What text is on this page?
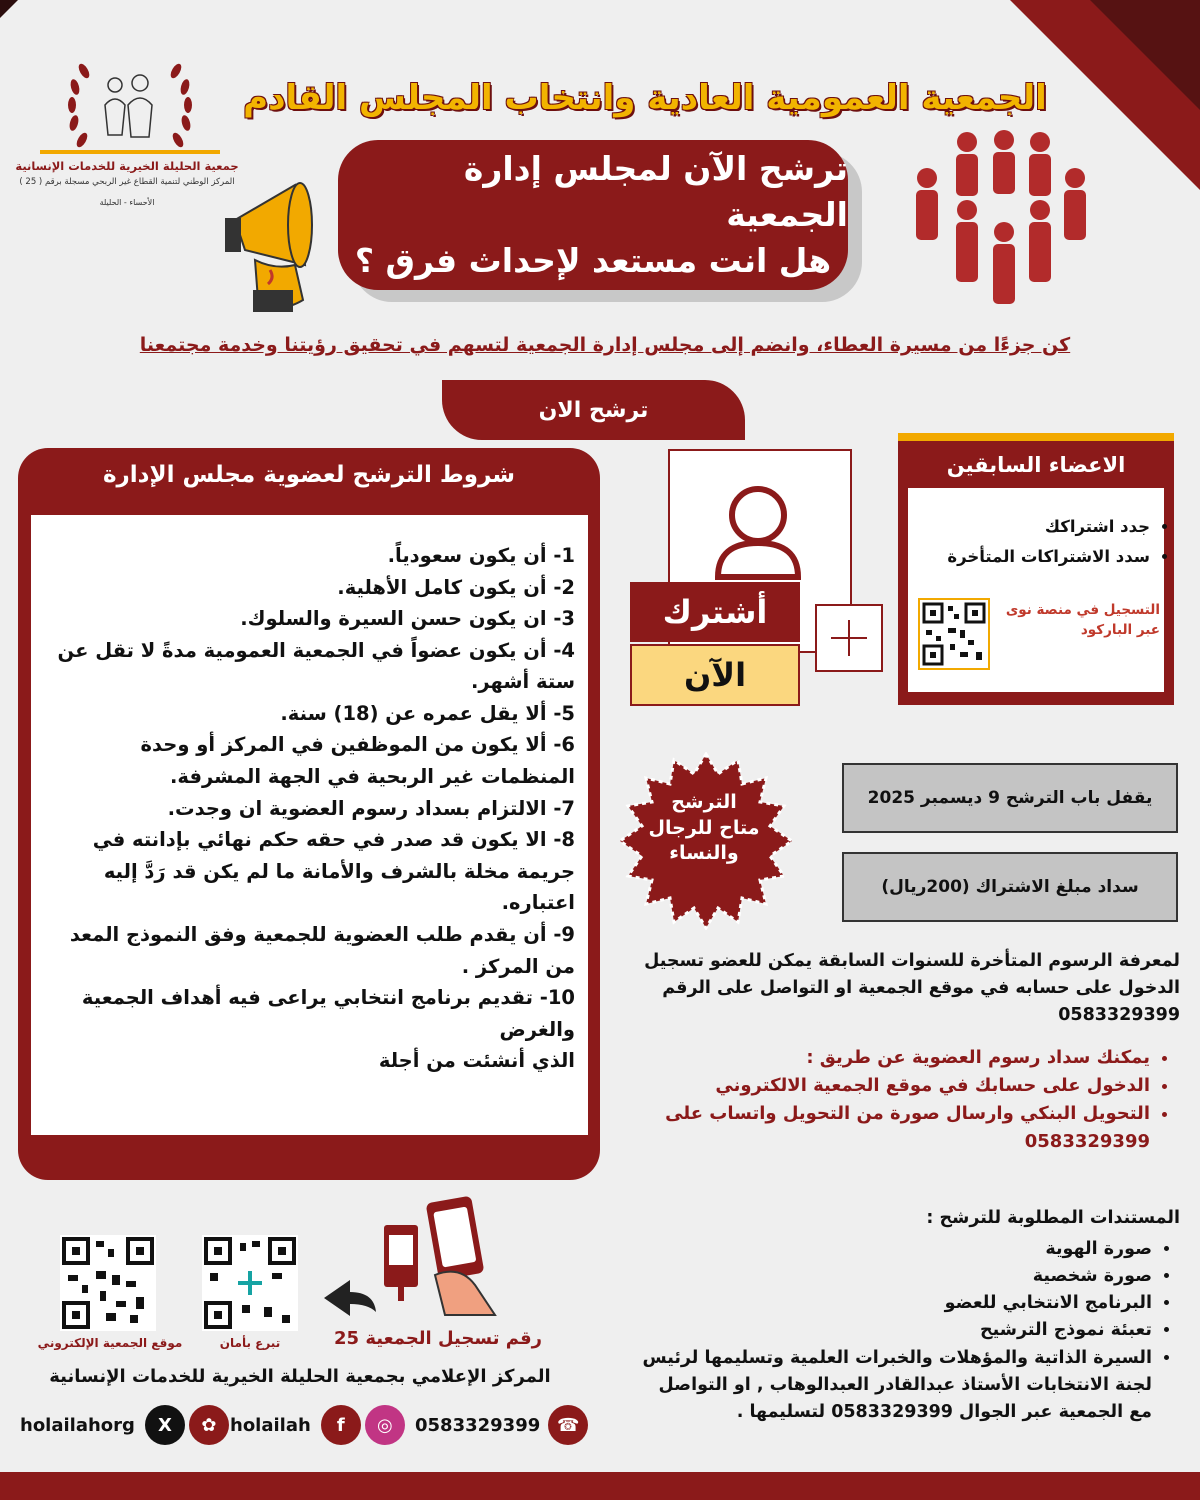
جمعية الحليلة الخيرية للخدمات الإنسانية
المركز الوطني لتنمية القطاع غير الربحي مسجلة برقم ( 25 )
الأحساء - الحليلة
الجمعية العمومية العادية وانتخاب المجلس القادم
ترشح الآن لمجلس إدارة الجمعية
هل انت مستعد لإحداث فرق ؟
كن جزءًا من مسيرة العطاء، وانضم إلى مجلس إدارة الجمعية لتسهم في تحقيق رؤيتنا وخدمة مجتمعنا
ترشح الان
شروط الترشح لعضوية مجلس الإدارة
1- أن يكون سعودياً.
2- أن يكون كامل الأهلية.
3- ان يكون حسن السيرة والسلوك.
4- أن يكون عضواً في الجمعية العمومية مدةً لا تقل عن ستة أشهر.
5- ألا يقل عمره عن (18) سنة.
6- ألا يكون من الموظفين في المركز أو وحدة المنظمات غير الربحية في الجهة المشرفة.
7- الالتزام بسداد رسوم العضوية ان وجدت.
8- الا يكون قد صدر في حقه حكم نهائي بإدانته في جريمة مخلة بالشرف والأمانة ما لم يكن قد رَدَّ إليه اعتباره.
9- أن يقدم طلب العضوية للجمعية وفق النموذج المعد من المركز .
10- تقديم برنامج انتخابي يراعى فيه أهداف الجمعية والغرض
الذي أنشئت من أجلة
أشترك
الآن
الاعضاء السابقين
• جدد اشتراكك
• سدد الاشتراكات المتأخرة
التسجيل في منصة نوى
عبر الباركود
الترشح
متاح للرجال
والنساء
يقفل باب الترشح 9 ديسمبر 2025
سداد مبلغ الاشتراك (200ريال)
لمعرفة الرسوم المتأخرة للسنوات السابقة يمكن للعضو تسجيل الدخول على حسابه في موقع الجمعية او التواصل على الرقم 0583329399
• يمكنك سداد رسوم العضوية عن طريق :
• الدخول على حسابك في موقع الجمعية الالكتروني
• التحويل البنكي وارسال صورة من التحويل واتساب على 0583329399
المستندات المطلوبة للترشح :
• صورة الهوية
• صورة شخصية
• البرنامج الانتخابي للعضو
• تعبئة نموذج الترشيح
• السيرة الذاتية والمؤهلات والخبرات العلمية وتسليمها لرئيس لجنة الانتخابات الأستاذ عبدالقادر العبدالوهاب , او التواصل مع الجمعية عبر الجوال 0583329399 لتسليمها .
موقع الجمعية الإلكتروني	تبرع بأمان	رقم تسجيل الجمعية 25
المركز الإعلامي بجمعية الحليلة الخيرية للخدمات الإنسانية
☎
0583329399
◎
f
holailah
✿
X
holailahorg
